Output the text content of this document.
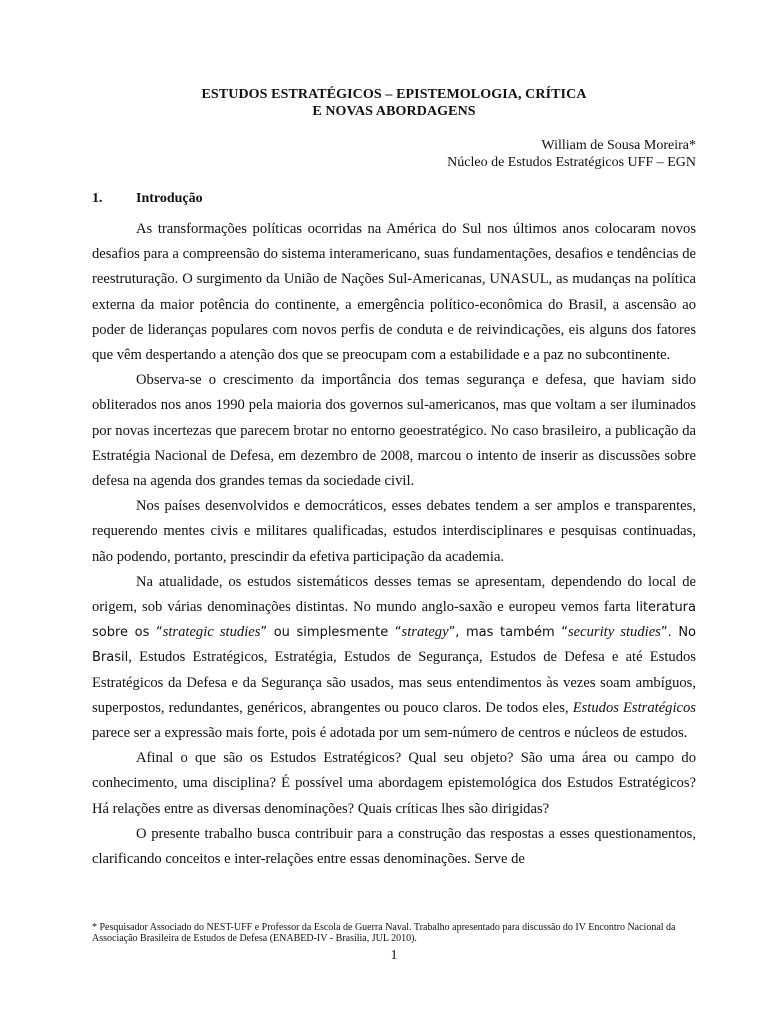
ESTUDOS ESTRATÉGICOS – EPISTEMOLOGIA, CRÍTICA
E NOVAS ABORDAGENS
William de Sousa Moreira*
Núcleo de Estudos Estratégicos UFF – EGN
1. Introdução

As transformações políticas ocorridas na América do Sul nos últimos anos colocaram novos desafios para a compreensão do sistema interamericano, suas fundamentações, desafios e tendências de reestruturação. O surgimento da União de Nações Sul-Americanas, UNASUL, as mudanças na política externa da maior potência do continente, a emergência político-econômica do Brasil, a ascensão ao poder de lideranças populares com novos perfis de conduta e de reivindicações, eis alguns dos fatores que vêm despertando a atenção dos que se preocupam com a estabilidade e a paz no subcontinente.

Observa-se o crescimento da importância dos temas segurança e defesa, que haviam sido obliterados nos anos 1990 pela maioria dos governos sul-americanos, mas que voltam a ser iluminados por novas incertezas que parecem brotar no entorno geoestratégico. No caso brasileiro, a publicação da Estratégia Nacional de Defesa, em dezembro de 2008, marcou o intento de inserir as discussões sobre defesa na agenda dos grandes temas da sociedade civil.

Nos países desenvolvidos e democráticos, esses debates tendem a ser amplos e transparentes, requerendo mentes civis e militares qualificadas, estudos interdisciplinares e pesquisas continuadas, não podendo, portanto, prescindir da efetiva participação da academia.

Na atualidade, os estudos sistemáticos desses temas se apresentam, dependendo do local de origem, sob várias denominações distintas. No mundo anglo-saxão e europeu vemos farta literatura sobre os “strategic studies” ou simplesmente “strategy”, mas também “security studies”. No Brasil, Estudos Estratégicos, Estratégia, Estudos de Segurança, Estudos de Defesa e até Estudos Estratégicos da Defesa e da Segurança são usados, mas seus entendimentos às vezes soam ambíguos, superpostos, redundantes, genéricos, abrangentes ou pouco claros. De todos eles, Estudos Estratégicos parece ser a expressão mais forte, pois é adotada por um sem-número de centros e núcleos de estudos.

Afinal o que são os Estudos Estratégicos? Qual seu objeto? São uma área ou campo do conhecimento, uma disciplina? É possível uma abordagem epistemológica dos Estudos Estratégicos? Há relações entre as diversas denominações? Quais críticas lhes são dirigidas?

O presente trabalho busca contribuir para a construção das respostas a esses questionamentos, clarificando conceitos e inter-relações entre essas denominações. Serve de

* Pesquisador Associado do NEST-UFF e Professor da Escola de Guerra Naval. Trabalho apresentado para discussão do IV Encontro Nacional da Associação Brasileira de Estudos de Defesa (ENABED-IV - Brasília, JUL 2010).
1
